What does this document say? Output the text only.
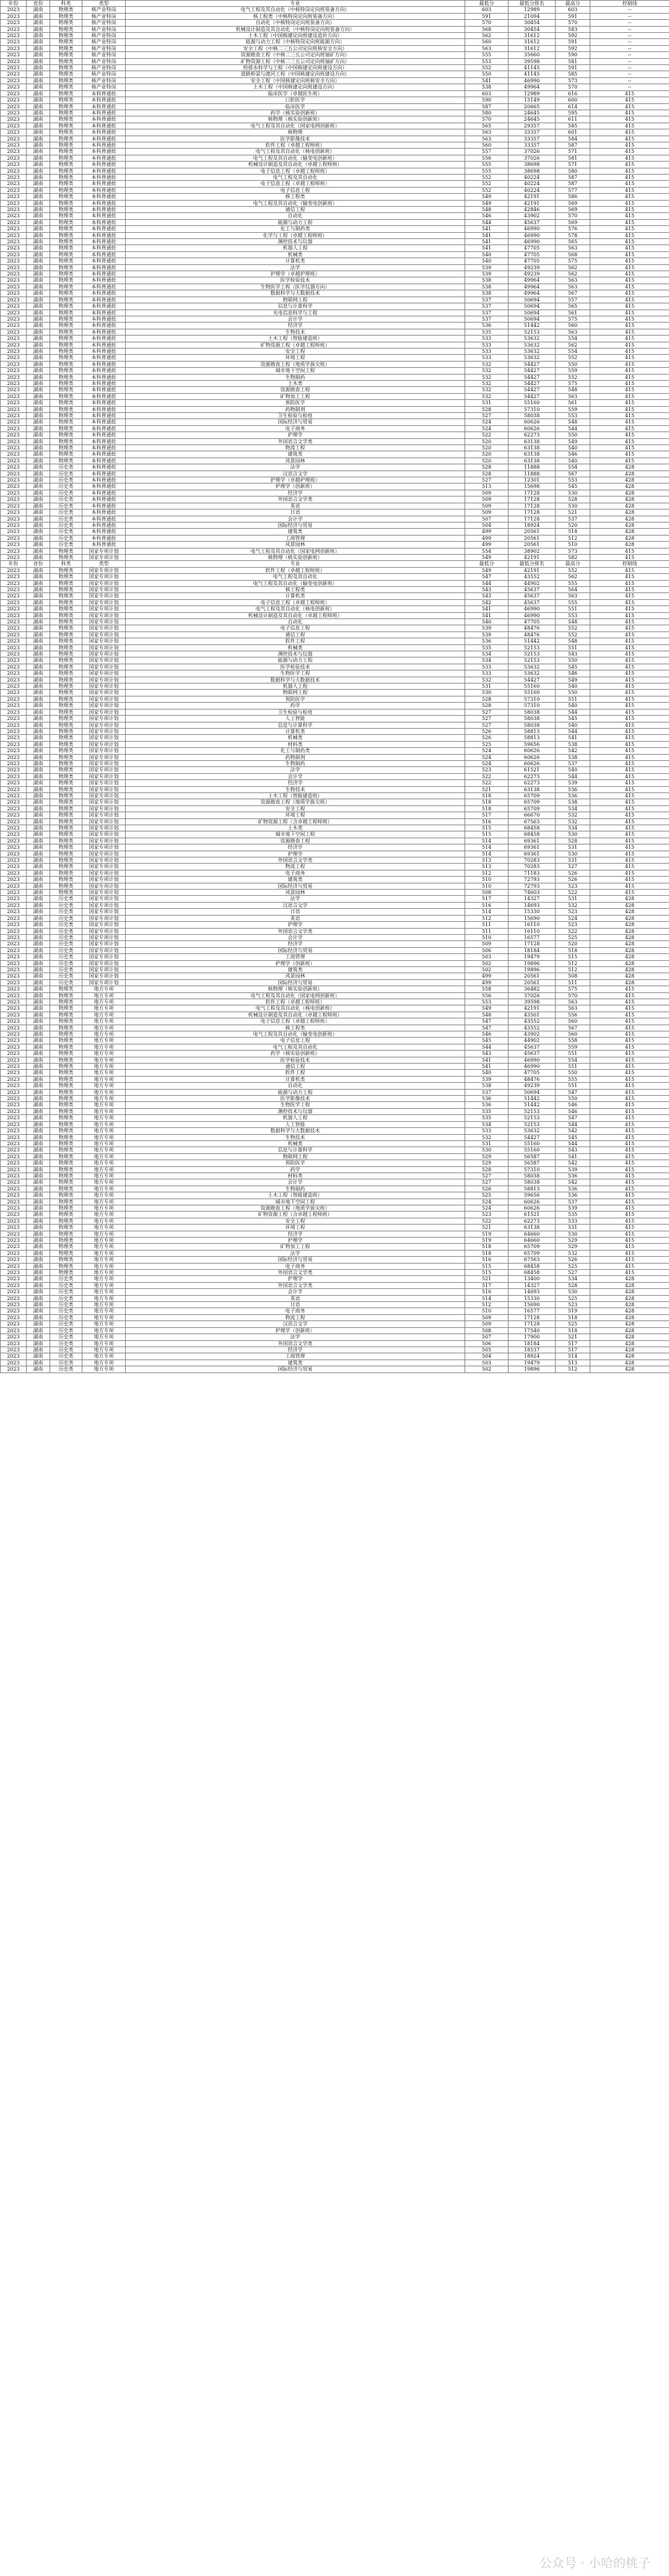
年份	省份	科类	类型	专业	最低分	最低分排名	最高分	控制线
2023	湖南	物理类	核产业特岗	电气工程及其自动化（中核特岗定向班装备方向）	603	12989	603	--
2023	湖南	物理类	核产业特岗	核工程类（中核特岗定向班装备方向）	591	21094	591	--
2023	湖南	物理类	核产业特岗	自动化（中核特岗定向班装备方向）	570	30454	570	--
2023	湖南	物理类	核产业特岗	机械设计制造及其自动化（中核特岗定向班装备方向）	568	30454	583	--
2023	湖南	物理类	核产业特岗	土木工程（中国核建定向班建设造价方向）	562	31612	592	--
2023	湖南	物理类	核产业特岗	能源与动力工程（中核特岗定向班能源方向）	560	31612	591	--
2023	湖南	物理类	核产业特岗	安全工程（中核二三五公司定向班核安全方向）	563	31612	592	--
2023	湖南	物理类	核产业特岗	资源勘查工程（中核二三五公司定向班铀矿方向）	555	35660	590	--
2023	湖南	物理类	核产业特岗	矿物资源工程（中核二三五公司定向班铀矿方向）	553	39598	581	--
2023	湖南	物理类	核产业特岗	给排水科学与工程（中国核建定向班建设方向）	552	41145	591	--
2023	湖南	物理类	核产业特岗	道路桥梁与渡河工程（中国核建定向班建设方向）	550	41145	585	--
2023	湖南	物理类	核产业特岗	安全工程（中国核建定向班核安全方向）	541	46990	573	--
2023	湖南	物理类	核产业特岗	土木工程（中国核建定向班建设方向）	538	49964	570	--
2023	湖南	物理类	本科普通批	临床医学（卓越医生班）	603	12989	616	415
2023	湖南	物理类	本科普通批	口腔医学	590	15149	600	415
2023	湖南	物理类	本科普通批	临床医学	587	20665	614	415
2023	湖南	物理类	本科普通批	药学（核实验创新班）	580	24645	595	415
2023	湖南	物理类	本科普通批	核物理（核实验创新班）	570	24645	611	415
2023	湖南	物理类	本科普通批	电气工程及其自动化（国家电网创新班）	565	29357	585	415
2023	湖南	物理类	本科普通批	核物理	563	33357	601	415
2023	湖南	物理类	本科普通批	医学影像技术	563	33357	584	415
2023	湖南	物理类	本科普通批	软件工程（卓越工程师班）	560	33357	587	415
2023	湖南	物理类	本科普通批	电气工程及其自动化（核电创新班）	557	37026	571	415
2023	湖南	物理类	本科普通批	电气工程及其自动化（输变电创新班）	556	37026	581	415
2023	湖南	物理类	本科普通批	机械设计制造及其自动化（卓越工程师班）	555	38698	571	415
2023	湖南	物理类	本科普通批	电子信息工程（卓越工程师班）	555	38698	580	415
2023	湖南	物理类	本科普通批	电气工程及其自动化	552	40224	587	415
2023	湖南	物理类	本科普通批	电子信息工程（卓越工程师班）	552	40224	587	415
2023	湖南	物理类	本科普通批	电子信息工程	552	40224	577	415
2023	湖南	物理类	本科普通批	核工程类	549	42191	586	415
2023	湖南	物理类	本科普通批	电气工程及其自动化（输变电创新班）	549	42191	569	415
2023	湖南	物理类	本科普通批	通信工程	548	42846	569	415
2023	湖南	物理类	本科普通批	自动化	546	43902	570	415
2023	湖南	物理类	本科普通批	能源与动力工程	544	45637	569	415
2023	湖南	物理类	本科普通批	化工与制药类	541	46990	576	415
2023	湖南	物理类	本科普通批	化学与工程（卓越工程师班）	541	46990	578	415
2023	湖南	物理类	本科普通批	测控技术与仪器	541	46990	565	415
2023	湖南	物理类	本科普通批	机器人工程	541	47705	563	415
2023	湖南	物理类	本科普通批	机械类	540	47705	568	415
2023	湖南	物理类	本科普通批	计算机类	540	47705	575	415
2023	湖南	物理类	本科普通批	法学	539	49239	562	415
2023	湖南	物理类	本科普通批	护理学（卓越护理班）	539	49239	562	415
2023	湖南	物理类	本科普通批	医学检验技术	538	49964	563	415
2023	湖南	物理类	本科普通批	生物医学工程（医学仪器方向）	538	49964	563	415
2023	湖南	物理类	本科普通批	数据科学与大数据技术	538	49964	567	415
2023	湖南	物理类	本科普通批	物联网工程	537	50694	557	415
2023	湖南	物理类	本科普通批	信息与计算科学	537	50694	565	415
2023	湖南	物理类	本科普通批	光电信息科学与工程	537	50694	561	415
2023	湖南	物理类	本科普通批	会计学	537	50694	575	415
2023	湖南	物理类	本科普通批	经济学	536	51442	560	415
2023	湖南	物理类	本科普通批	生物技术	535	52153	563	415
2023	湖南	物理类	本科普通批	土木工程（智能建造班）	533	53632	554	415
2023	湖南	物理类	本科普通批	矿物资源工程（卓越工程师班）	533	53632	562	415
2023	湖南	物理类	本科普通批	安全工程	533	53632	554	415
2023	湖南	物理类	本科普通批	环境工程	533	53632	552	415
2023	湖南	物理类	本科普通批	资源勘查工程（地质学拔尖班）	532	54427	550	415
2023	湖南	物理类	本科普通批	城市地下空间工程	532	54427	559	415
2023	湖南	物理类	本科普通批	生物制药	532	54427	552	415
2023	湖南	物理类	本科普通批	土木类	532	54427	575	415
2023	湖南	物理类	本科普通批	资源勘查工程	532	54427	548	415
2023	湖南	物理类	本科普通批	矿物加工工程	532	54427	563	415
2023	湖南	物理类	本科普通批	预防医学	531	55160	561	415
2023	湖南	物理类	本科普通批	药物制剂	528	57310	559	415
2023	湖南	物理类	本科普通批	卫生检验与检疫	527	58038	553	415
2023	湖南	物理类	本科普通批	国际经济与贸易	524	60626	548	415
2023	湖南	物理类	本科普通批	电子商务	524	60626	544	415
2023	湖南	物理类	本科普通批	护理学	522	62273	550	415
2023	湖南	物理类	本科普通批	外国语言文学类	520	63138	549	415
2023	湖南	物理类	本科普通批	物流工程	520	63138	540	415
2023	湖南	物理类	本科普通批	建筑类	520	63138	546	415
2023	湖南	物理类	本科普通批	风景园林	520	63138	540	415
2023	湖南	历史类	本科普通批	法学	528	11888	554	428
2023	湖南	历史类	本科普通批	汉语言文学	528	11888	567	428
2023	湖南	历史类	本科普通批	护理学（卓越护理班）	527	12301	553	428
2023	湖南	历史类	本科普通批	护理学（创新班）	513	15698	545	428
2023	湖南	历史类	本科普通批	经济学	509	17128	530	428
2023	湖南	历史类	本科普通批	外国语言文学类	509	17128	528	428
2023	湖南	历史类	本科普通批	英语	509	17128	530	428
2023	湖南	历史类	本科普通批	日语	509	17128	521	428
2023	湖南	历史类	本科普通批	会计学	507	17128	537	428
2023	湖南	历史类	本科普通批	国际经济与贸易	504	18924	520	428
2023	湖南	历史类	本科普通批	建筑类	499	20561	518	428
2023	湖南	历史类	本科普通批	工商管理	499	20561	512	428
2023	湖南	历史类	本科普通批	风景园林	499	20561	510	428
2023	湖南	物理类	国家专项计划	电气工程及其自动化（国家电网创新班）	554	38902	573	415
2023	湖南	物理类	国家专项计划	核物理（核实验创新班）	549	42191	582	415
年份	省份	科类	类型	专业	最低分	最低分排名	最高分	控制线
2023	湖南	物理类	国家专项计划	软件工程（卓越工程师班）	549	42191	552	415
2023	湖南	物理类	国家专项计划	电气工程及其自动化	547	43552	562	415
2023	湖南	物理类	国家专项计划	电气工程及其自动化（输变电创新班）	544	44902	555	415
2023	湖南	物理类	国家专项计划	核工程类	543	45637	564	415
2023	湖南	物理类	国家专项计划	计算机类	543	45637	563	415
2023	湖南	物理类	国家专项计划	电子信息工程（卓越工程师班）	542	45637	555	415
2023	湖南	物理类	国家专项计划	电气工程及其自动化（核电创新班）	541	46990	551	415
2023	湖南	物理类	国家专项计划	机械设计制造及其自动化（卓越工程师班）	541	46990	553	415
2023	湖南	物理类	国家专项计划	自动化	540	47705	548	415
2023	湖南	物理类	国家专项计划	电子信息工程	539	48476	552	415
2023	湖南	物理类	国家专项计划	通信工程	539	48476	552	415
2023	湖南	物理类	国家专项计划	软件工程	536	51442	548	415
2023	湖南	物理类	国家专项计划	机械类	535	52153	551	415
2023	湖南	物理类	国家专项计划	测控技术与仪器	534	52153	543	415
2023	湖南	物理类	国家专项计划	能源与动力工程	534	52153	550	415
2023	湖南	物理类	国家专项计划	医学检验技术	533	53632	545	415
2023	湖南	物理类	国家专项计划	生物医学工程	533	53632	546	415
2023	湖南	物理类	国家专项计划	数据科学与大数据技术	532	54427	549	415
2023	湖南	物理类	国家专项计划	机器人工程	531	55160	540	415
2023	湖南	物理类	国家专项计划	物联网工程	530	55160	550	415
2023	湖南	物理类	国家专项计划	预防医学	528	57310	551	415
2023	湖南	物理类	国家专项计划	药学	528	57310	540	415
2023	湖南	物理类	国家专项计划	卫生检验与检疫	527	58038	544	415
2023	湖南	物理类	国家专项计划	人工智能	527	58038	545	415
2023	湖南	物理类	国家专项计划	信息与计算科学	527	58038	540	415
2023	湖南	物理类	国家专项计划	计算机类	526	58813	544	415
2023	湖南	物理类	国家专项计划	机械类	526	58813	541	415
2023	湖南	物理类	国家专项计划	材料类	525	59656	538	415
2023	湖南	物理类	国家专项计划	化工与制药类	524	60626	542	415
2023	湖南	物理类	国家专项计划	药物制剂	524	60626	538	415
2023	湖南	物理类	国家专项计划	生物制药	524	60626	537	415
2023	湖南	物理类	国家专项计划	法学	523	61521	540	415
2023	湖南	物理类	国家专项计划	会计学	522	62273	544	415
2023	湖南	物理类	国家专项计划	经济学	522	62273	539	415
2023	湖南	物理类	国家专项计划	生物技术	521	63138	536	415
2023	湖南	物理类	国家专项计划	土木工程（智能建造班）	518	65709	536	415
2023	湖南	物理类	国家专项计划	资源勘查工程（地质学拔尖班）	518	65709	538	415
2023	湖南	物理类	国家专项计划	安全工程	518	65709	534	415
2023	湖南	物理类	国家专项计划	环境工程	517	66670	532	415
2023	湖南	物理类	国家专项计划	矿物资源工程（含卓越工程师班）	516	67563	532	415
2023	湖南	物理类	国家专项计划	土木类	515	68458	534	415
2023	湖南	物理类	国家专项计划	城市地下空间工程	515	68458	530	415
2023	湖南	物理类	国家专项计划	资源勘查工程	514	69361	528	415
2023	湖南	物理类	国家专项计划	经济学	514	69361	531	415
2023	湖南	物理类	国家专项计划	护理学	514	69361	530	415
2023	湖南	物理类	国家专项计划	外国语言文学类	513	70283	531	415
2023	湖南	物理类	国家专项计划	物流工程	513	70283	527	415
2023	湖南	物理类	国家专项计划	电子商务	512	71183	526	415
2023	湖南	物理类	国家专项计划	建筑类	510	72793	526	415
2023	湖南	物理类	国家专项计划	国际经济与贸易	510	72793	523	415
2023	湖南	物理类	国家专项计划	风景园林	508	74603	522	415
2023	湖南	历史类	国家专项计划	法学	517	14327	531	428
2023	湖南	历史类	国家专项计划	汉语言文学	516	14693	532	428
2023	湖南	历史类	国家专项计划	日语	514	15330	523	428
2023	湖南	历史类	国家专项计划	英语	512	15690	524	428
2023	湖南	历史类	国家专项计划	护理学	511	16110	523	428
2023	湖南	历史类	国家专项计划	外国语言文学类	511	16110	522	428
2023	湖南	历史类	国家专项计划	会计学	510	16577	525	428
2023	湖南	历史类	国家专项计划	经济学	509	17128	520	428
2023	湖南	历史类	国家专项计划	国际经济与贸易	506	18184	518	428
2023	湖南	历史类	国家专项计划	工商管理	503	19479	515	428
2023	湖南	历史类	国家专项计划	护理学（创新班）	502	19896	512	428
2023	湖南	历史类	国家专项计划	建筑类	502	19896	512	428
2023	湖南	历史类	国家专项计划	风景园林	499	20561	508	428
2023	湖南	历史类	国家专项计划	国际经济与贸易	499	20561	511	428
2023	湖南	物理类	地方专项	核物理（核实验创新班）	558	36482	575	415
2023	湖南	物理类	地方专项	电气工程及其自动化（国家电网创新班）	556	37026	570	415
2023	湖南	物理类	地方专项	软件工程（卓越工程师班）	553	39598	563	415
2023	湖南	物理类	地方专项	电气工程及其自动化（核电创新班）	549	42191	563	415
2023	湖南	物理类	地方专项	机械设计制造及其自动化（卓越工程师班）	548	43501	556	415
2023	湖南	物理类	地方专项	电子信息工程（卓越工程师班）	547	43552	560	415
2023	湖南	物理类	地方专项	核工程类	547	43552	567	415
2023	湖南	物理类	地方专项	电气工程及其自动化（输变电创新班）	546	43902	560	415
2023	湖南	物理类	地方专项	电子信息工程	545	44902	558	415
2023	湖南	物理类	地方专项	电气工程及其自动化	544	45637	559	415
2023	湖南	物理类	地方专项	药学（核实验创新班）	543	45637	551	415
2023	湖南	物理类	地方专项	医学检验技术	541	46990	554	415
2023	湖南	物理类	地方专项	通信工程	541	46990	551	415
2023	湖南	物理类	地方专项	软件工程	540	47705	550	415
2023	湖南	物理类	地方专项	计算机类	539	48476	555	415
2023	湖南	物理类	地方专项	自动化	538	49239	551	415
2023	湖南	物理类	地方专项	能源与动力工程	537	50694	547	415
2023	湖南	物理类	地方专项	医学影像技术	536	51442	550	415
2023	湖南	物理类	地方专项	生物医学工程	536	51442	546	415
2023	湖南	物理类	地方专项	测控技术与仪器	535	52153	546	415
2023	湖南	物理类	地方专项	机器人工程	535	52153	547	415
2023	湖南	物理类	地方专项	人工智能	534	52153	544	415
2023	湖南	物理类	地方专项	数据科学与大数据技术	533	53632	542	415
2023	湖南	物理类	地方专项	生物技术	532	54427	545	415
2023	湖南	物理类	地方专项	机械类	531	55160	544	415
2023	湖南	物理类	地方专项	信息与计算科学	530	55160	543	415
2023	湖南	物理类	地方专项	物联网工程	529	56587	541	415
2023	湖南	物理类	地方专项	预防医学	529	56587	542	415
2023	湖南	物理类	地方专项	药学	528	57310	539	415
2023	湖南	物理类	地方专项	材料类	527	58038	536	415
2023	湖南	物理类	地方专项	会计学	527	58038	542	415
2023	湖南	物理类	地方专项	生物制药	526	58813	536	415
2023	湖南	物理类	地方专项	土木工程（智能建造班）	525	59656	536	415
2023	湖南	物理类	地方专项	城市地下空间工程	524	60626	537	415
2023	湖南	物理类	地方专项	资源勘查工程（地质学拔尖班）	524	60626	539	415
2023	湖南	物理类	地方专项	矿物资源工程（含卓越工程师班）	523	61521	535	415
2023	湖南	物理类	地方专项	安全工程	522	62273	533	415
2023	湖南	物理类	地方专项	环境工程	521	63138	531	415
2023	湖南	物理类	地方专项	经济学	519	64660	530	415
2023	湖南	物理类	地方专项	护理学	519	64660	529	415
2023	湖南	物理类	地方专项	矿物加工工程	518	65709	529	415
2023	湖南	物理类	地方专项	法学	518	65709	532	415
2023	湖南	物理类	地方专项	国际经济与贸易	516	67563	526	415
2023	湖南	物理类	地方专项	电子商务	515	68458	525	415
2023	湖南	物理类	地方专项	外国语言文学类	515	68458	527	415
2023	湖南	历史类	地方专项	护理学	521	13400	534	428
2023	湖南	历史类	地方专项	外国语言文学类	517	14327	528	428
2023	湖南	历史类	地方专项	会计学	516	14693	530	428
2023	湖南	历史类	地方专项	英语	514	15330	525	428
2023	湖南	历史类	地方专项	日语	512	15690	523	428
2023	湖南	历史类	地方专项	电子商务	510	16577	519	428
2023	湖南	历史类	地方专项	物流工程	509	17128	518	428
2023	湖南	历史类	地方专项	汉语言文学	509	17128	525	428
2023	湖南	历史类	地方专项	护理学（创新班）	508	17540	518	428
2023	湖南	历史类	地方专项	法学	507	17900	521	428
2023	湖南	历史类	地方专项	外国语言文学类	506	18184	517	428
2023	湖南	历史类	地方专项	经济学	505	18537	517	428
2023	湖南	历史类	地方专项	工商管理	504	18924	514	428
2023	湖南	历史类	地方专项	建筑类	503	19479	513	428
2023	湖南	历史类	地方专项	国际经济与贸易	502	19896	512	428
公众号 · 小哈的桃子
